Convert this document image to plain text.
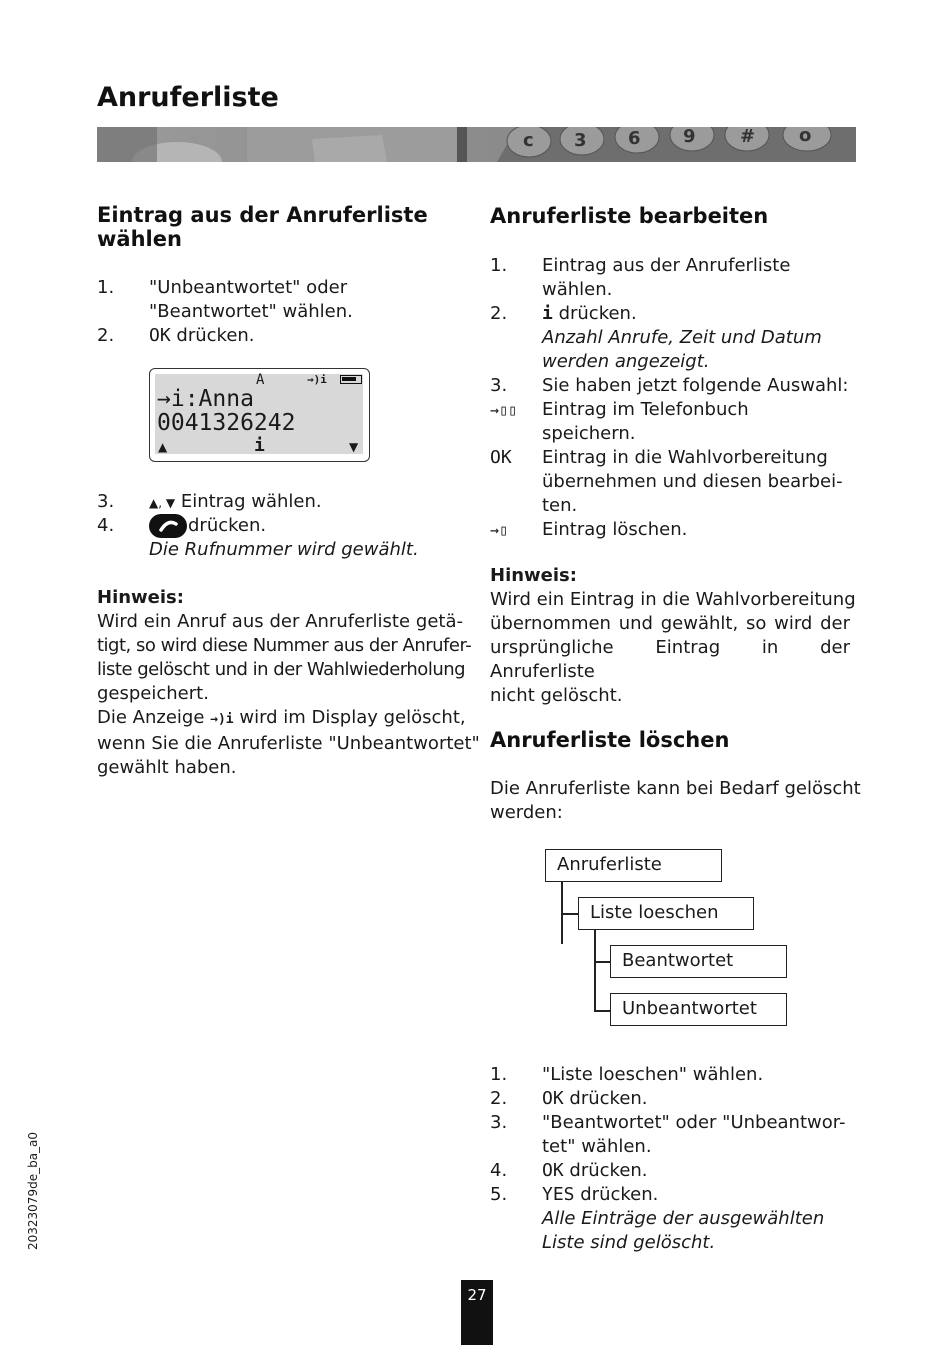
Anruferliste
c 3 6 9 # o
Eintrag aus der Anruferliste
wählen
1. "Unbeantwortet" oder
"Beantwortet" wählen.
2. OK drücken.
A	→)i
→i:Anna
0041326242
▲	i	▼
3.	▲, ▼ Eintrag wählen.
4.	drücken.
Die Rufnummer wird gewählt.
Hinweis:
Wird ein Anruf aus der Anruferliste getä-
tigt, so wird diese Nummer aus der Anrufer-
liste gelöscht und in der Wahlwiederholung
gespeichert.
Die Anzeige →)i wird im Display gelöscht,
wenn Sie die Anruferliste "Unbeantwortet"
gewählt haben.
Anruferliste bearbeiten
1. Eintrag aus der Anruferliste
wählen.
2. i drücken.
Anzahl Anrufe, Zeit und Datum
werden angezeigt.
3. Sie haben jetzt folgende Auswahl:
→▯▯ Eintrag im Telefonbuch
speichern.
OK Eintrag in die Wahlvorbereitung
übernehmen und diesen bearbei-
ten.
→▯ Eintrag löschen.
Hinweis:
Wird ein Eintrag in die Wahlvorbereitung
übernommen und gewählt, so wird der
ursprüngliche Eintrag in der Anruferliste
nicht gelöscht.
Anruferliste löschen
Die Anruferliste kann bei Bedarf gelöscht
werden:
Anruferliste
Liste loeschen
Beantwortet
Unbeantwortet
1. "Liste loeschen" wählen.
2. OK drücken.
3. "Beantwortet" oder "Unbeantwor-
tet" wählen.
4. OK drücken.
5. YES drücken.
Alle Einträge der ausgewählten
Liste sind gelöscht.
20323079de_ba_a0
27
